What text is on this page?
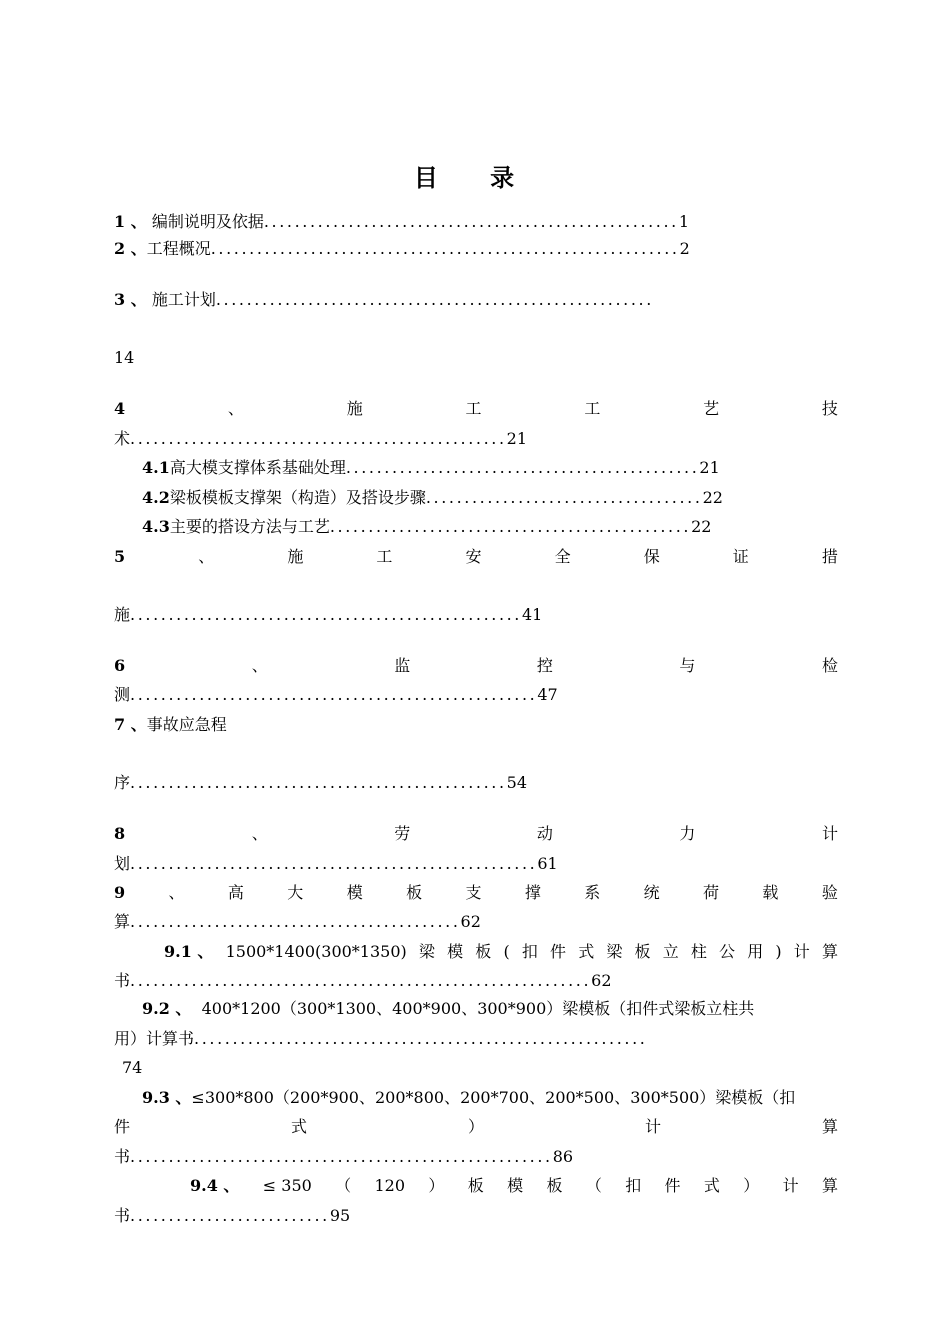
目 录
1 、 编制说明及依据......................................................1
2 、工程概况.............................................................2
3 、 施工计划.........................................................
14
4	、	施	工	工	艺	技
术.................................................21
4.1高大模支撑体系基础处理..............................................21
4.2梁板模板支撑架（构造）及搭设步骤....................................22
4.3主要的搭设方法与工艺...............................................22
5	、	施	工	安	全	保	证	措
施...................................................41
6	、	监	控	与	检
测.....................................................47
7 、事故应急程
序.................................................54
8	、	劳	动	力	计
划.....................................................61
9	、	高	大	模	板	支	撑	系	统	荷	载	验
算...........................................62
9.1 、 1500*1400(300*1350) 梁 模 板 ( 扣 件 式 梁 板 立 柱 公 用 ) 计 算
书............................................................62
9.2 、 400*1200（300*1300、400*900、300*900）梁模板（扣件式梁板立柱共
用）计算书...........................................................
74
9.3 、≤300*800（200*900、200*800、200*700、200*500、300*500）梁模板（扣
件	式	）	计	算
书.......................................................86
9.4 、 ≤ 350 （ 120 ） 板 模 板 （ 扣 件 式 ） 计 算
书..........................95
